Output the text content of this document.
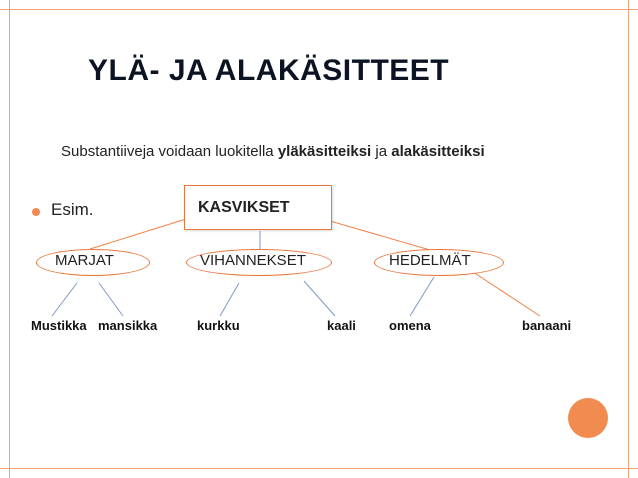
YLÄ- JA ALAKÄSITTEET
Substantiiveja voidaan luokitella yläkäsitteiksi ja alakäsitteiksi
Esim.	KASVIKSET
MARJAT	VIHANNEKSET	HEDELMÄT
Mustikka mansikka	kurkku	kaali	omena	banaani
